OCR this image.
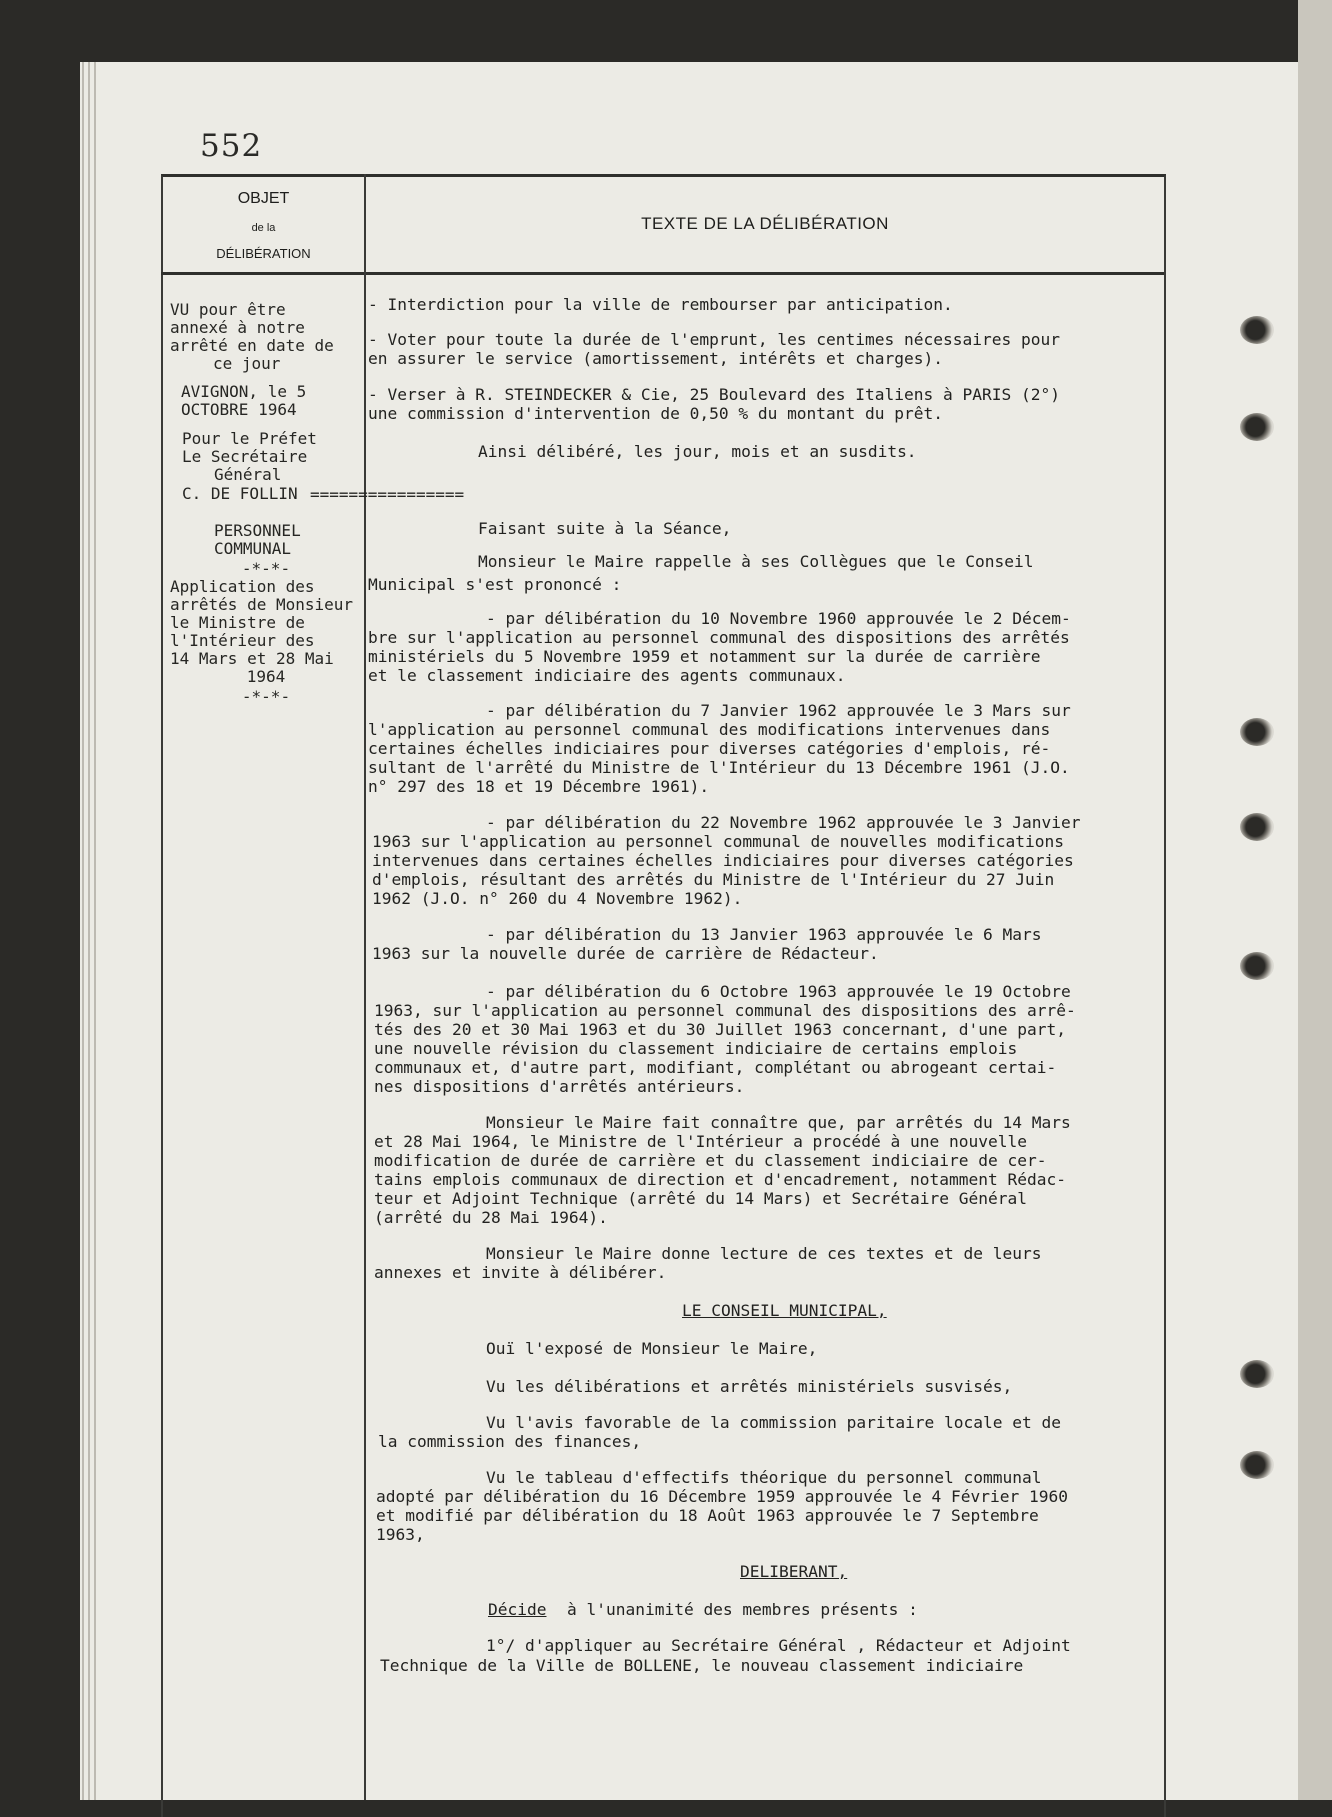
552
OBJET
de la
DÉLIBÉRATION
TEXTE DE LA DÉLIBÉRATION
VU pour être
annexé à notre
arrêté en date de
ce jour
AVIGNON, le 5
OCTOBRE 1964
Pour le Préfet
Le Secrétaire
Général
C. DE FOLLIN ================
PERSONNEL
COMMUNAL
-*-*-
Application des
arrêtés de Monsieur
le Ministre de
l'Intérieur des
14 Mars et 28 Mai
1964
-*-*-
- Interdiction pour la ville de rembourser par anticipation.
- Voter pour toute la durée de l'emprunt, les centimes nécessaires pour
en assurer le service (amortissement, intérêts et charges).
- Verser à R. STEINDECKER & Cie, 25 Boulevard des Italiens à PARIS (2°)
une commission d'intervention de 0,50 % du montant du prêt.
Ainsi délibéré, les jour, mois et an susdits.
Faisant suite à la Séance,
Monsieur le Maire rappelle à ses Collègues que le Conseil
Municipal s'est prononcé :
- par délibération du 10 Novembre 1960 approuvée le 2 Décem-
bre sur l'application au personnel communal des dispositions des arrêtés
ministériels du 5 Novembre 1959 et notamment sur la durée de carrière
et le classement indiciaire des agents communaux.
- par délibération du 7 Janvier 1962 approuvée le 3 Mars sur
l'application au personnel communal des modifications intervenues dans
certaines échelles indiciaires pour diverses catégories d'emplois, ré-
sultant de l'arrêté du Ministre de l'Intérieur du 13 Décembre 1961 (J.O.
n° 297 des 18 et 19 Décembre 1961).
- par délibération du 22 Novembre 1962 approuvée le 3 Janvier
1963 sur l'application au personnel communal de nouvelles modifications
intervenues dans certaines échelles indiciaires pour diverses catégories
d'emplois, résultant des arrêtés du Ministre de l'Intérieur du 27 Juin
1962 (J.O. n° 260 du 4 Novembre 1962).
- par délibération du 13 Janvier 1963 approuvée le 6 Mars
1963 sur la nouvelle durée de carrière de Rédacteur.
- par délibération du 6 Octobre 1963 approuvée le 19 Octobre
1963, sur l'application au personnel communal des dispositions des arrê-
tés des 20 et 30 Mai 1963 et du 30 Juillet 1963 concernant, d'une part,
une nouvelle révision du classement indiciaire de certains emplois
communaux et, d'autre part, modifiant, complétant ou abrogeant certai-
nes dispositions d'arrêtés antérieurs.
Monsieur le Maire fait connaître que, par arrêtés du 14 Mars
et 28 Mai 1964, le Ministre de l'Intérieur a procédé à une nouvelle
modification de durée de carrière et du classement indiciaire de cer-
tains emplois communaux de direction et d'encadrement, notamment Rédac-
teur et Adjoint Technique (arrêté du 14 Mars) et Secrétaire Général
(arrêté du 28 Mai 1964).
Monsieur le Maire donne lecture de ces textes et de leurs
annexes et invite à délibérer.
LE CONSEIL MUNICIPAL,
Ouï l'exposé de Monsieur le Maire,
Vu les délibérations et arrêtés ministériels susvisés,
Vu l'avis favorable de la commission paritaire locale et de
la commission des finances,
Vu le tableau d'effectifs théorique du personnel communal
adopté par délibération du 16 Décembre 1959 approuvée le 4 Février 1960
et modifié par délibération du 18 Août 1963 approuvée le 7 Septembre
1963,
DELIBERANT,
Décide à l'unanimité des membres présents :
1°/ d'appliquer au Secrétaire Général , Rédacteur et Adjoint
Technique de la Ville de BOLLENE, le nouveau classement indiciaire
